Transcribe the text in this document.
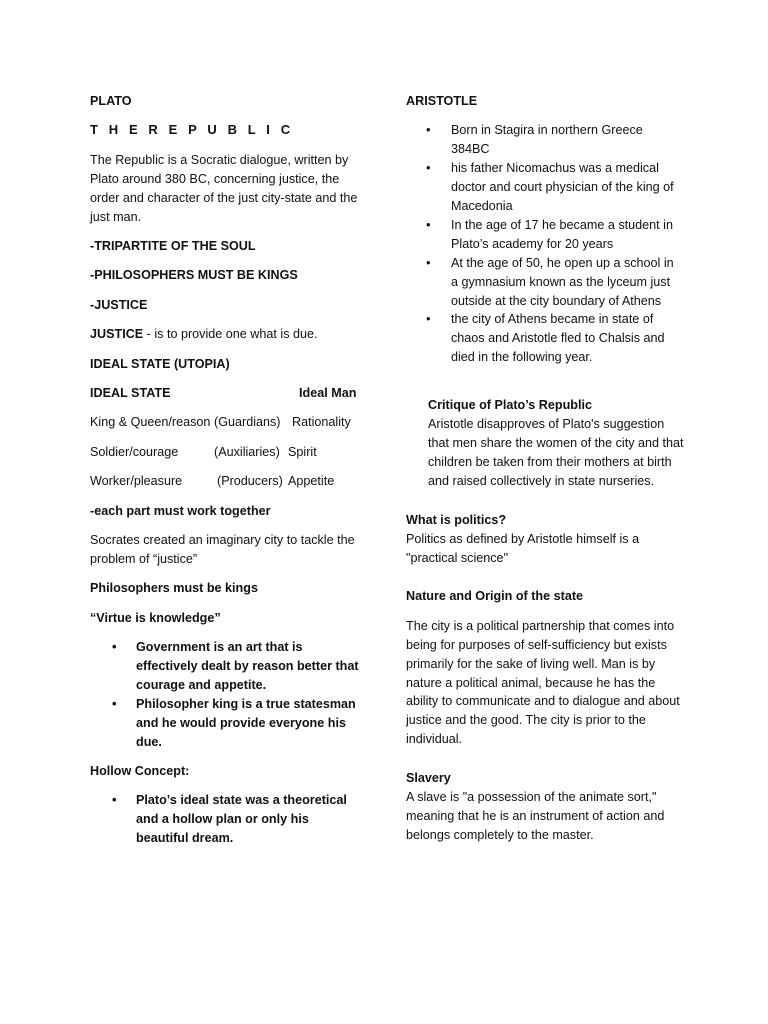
PLATO

T H E R E P U B L I C

The Republic is a Socratic dialogue, written by Plato around 380 BC, concerning justice, the order and character of the just city-state and the just man.

-TRIPARTITE OF THE SOUL

-PHILOSOPHERS MUST BE KINGS

-JUSTICE

JUSTICE - is to provide one what is due.

IDEAL STATE (UTOPIA)

IDEAL STATE	Ideal Man
King & Queen/reason (Guardians) Rationality
Soldier/courage	(Auxiliaries) Spirit
Worker/pleasure	(Producers) Appetite

-each part must work together

Socrates created an imaginary city to tackle the problem of “justice”

Philosophers must be kings

“Virtue is knowledge”

• Government is an art that is effectively dealt by reason better that courage and appetite.
• Philosopher king is a true statesman and he would provide everyone his due.

Hollow Concept:

• Plato’s ideal state was a theoretical and a hollow plan or only his beautiful dream.

ARISTOTLE

• Born in Stagira in northern Greece 384BC
• his father Nicomachus was a medical doctor and court physician of the king of Macedonia
• In the age of 17 he became a student in Plato’s academy for 20 years
• At the age of 50, he open up a school in a gymnasium known as the lyceum just outside at the city boundary of Athens
• the city of Athens became in state of chaos and Aristotle fled to Chalsis and died in the following year.
Critique of Plato’s Republic
Aristotle disapproves of Plato's suggestion that men share the women of the city and that children be taken from their mothers at birth and raised collectively in state nurseries.
What is politics?
Politics as defined by Aristotle himself is a "practical science"

Nature and Origin of the state

The city is a political partnership that comes into being for purposes of self-sufficiency but exists primarily for the sake of living well. Man is by nature a political animal, because he has the ability to communicate and to dialogue and about justice and the good. The city is prior to the individual.
Slavery
A slave is "a possession of the animate sort," meaning that he is an instrument of action and belongs completely to the master.
